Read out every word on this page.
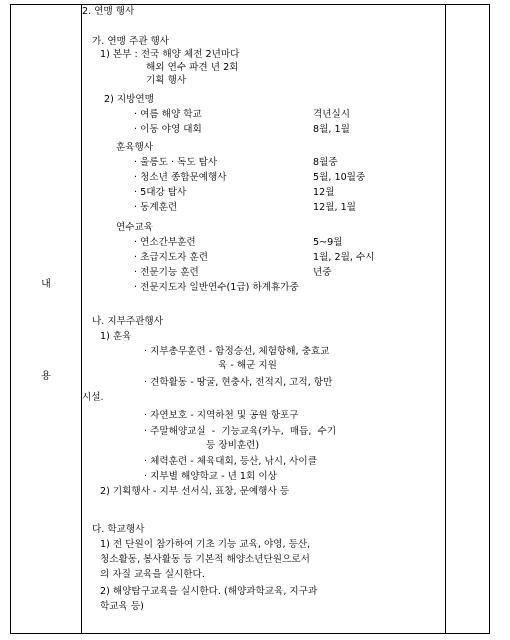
내
용
2. 연맹 행사
가. 연맹 주관 행사
1) 본부 : 전국 해양 체전 2년마다
해외 연수 파견 년 2회
기획 행사
2) 지방연맹
· 여름 해양 학교	격년실시
· 이동 야영 대회	8월, 1월
훈육행사
· 울릉도 · 독도 탐사	8월중
· 청소년 종합문예행사	5월, 10월중
· 5대강 탐사	12월
· 동계훈련	12월, 1월
연수교육
· 연소간부훈련	5~9월
· 초급지도자 훈련	1월, 2월, 수시
· 전문기능 훈련	년중
· 전문지도자 일반연수(1급) 하계휴가중
나. 지부주관행사
1) 훈육
· 지부총무훈련 - 함정승선, 체험항해, 충효교
육 - 해군 지원
· 견학활동 - 땅굴, 현충사, 전적지, 고적, 항만
시설.
· 자연보호 - 지역하천 및 공원 항포구
· 주말해양교실  -  기능교육(카누,  매듭,  수기
등 장비훈련)
· 체력훈련 - 체육대회, 등산, 낚시, 사이클
· 지부별 해양학교 - 년 1회 이상
2) 기획행사 - 지부 선서식, 표창, 문예행사 등
다. 학교행사
1) 전 단원이 참가하여 기초 기능 교육, 야영, 등산,
청소활동, 봉사활동 등 기본적 해양소년단원으로서
의 자질 교육을 실시한다.
2) 해양탐구교육을 실시한다. (해양과학교육, 지구과
학교육 등)
